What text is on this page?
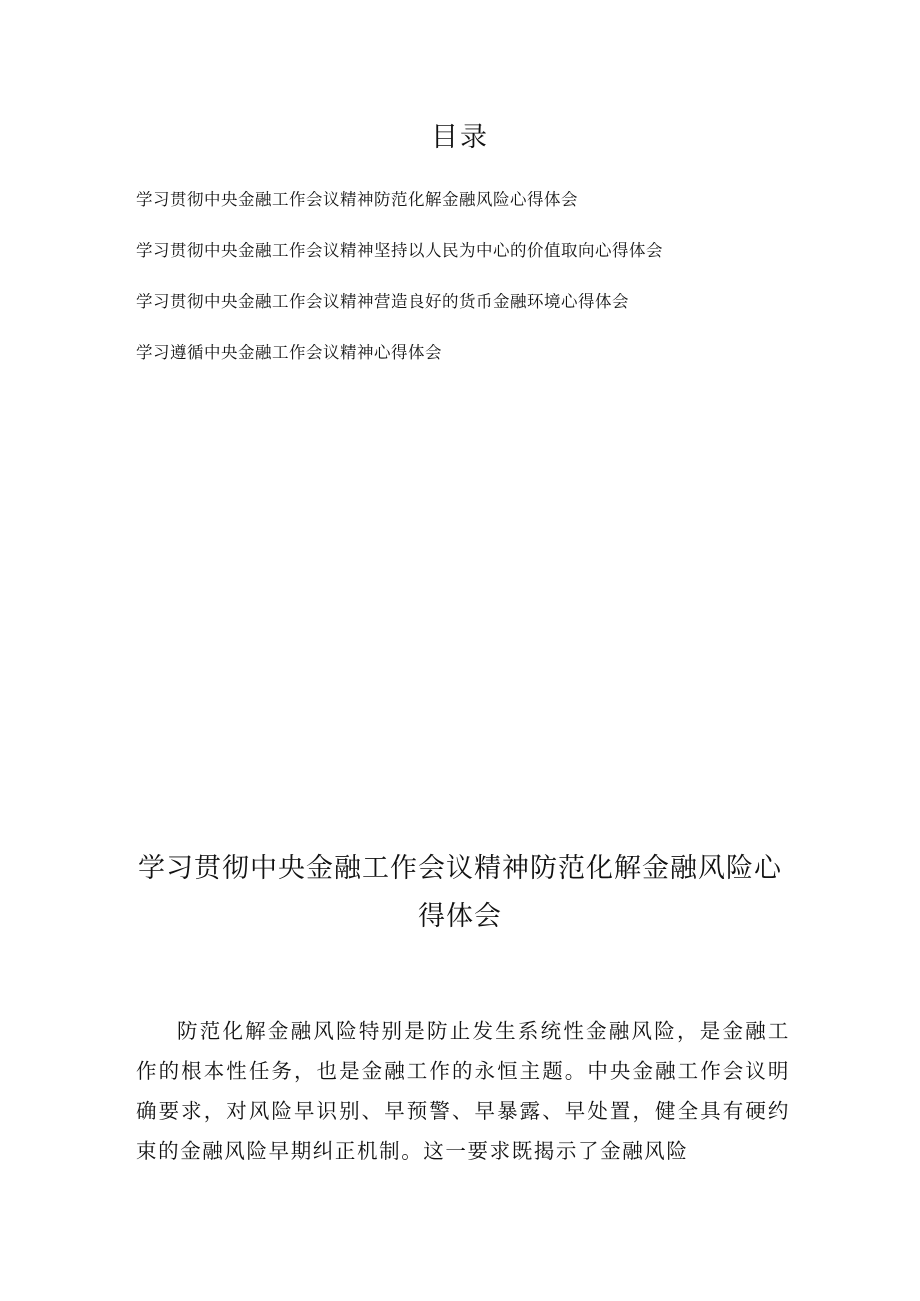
目录
学习贯彻中央金融工作会议精神防范化解金融风险心得体会
学习贯彻中央金融工作会议精神坚持以人民为中心的价值取向心得体会
学习贯彻中央金融工作会议精神营造良好的货币金融环境心得体会
学习遵循中央金融工作会议精神心得体会
学习贯彻中央金融工作会议精神防范化解金融风险心得体会

防范化解金融风险特别是防止发生系统性金融风险，是金融工作的根本性任务，也是金融工作的永恒主题。中央金融工作会议明确要求，对风险早识别、早预警、早暴露、早处置，健全具有硬约束的金融风险早期纠正机制。这一要求既揭示了金融风险
